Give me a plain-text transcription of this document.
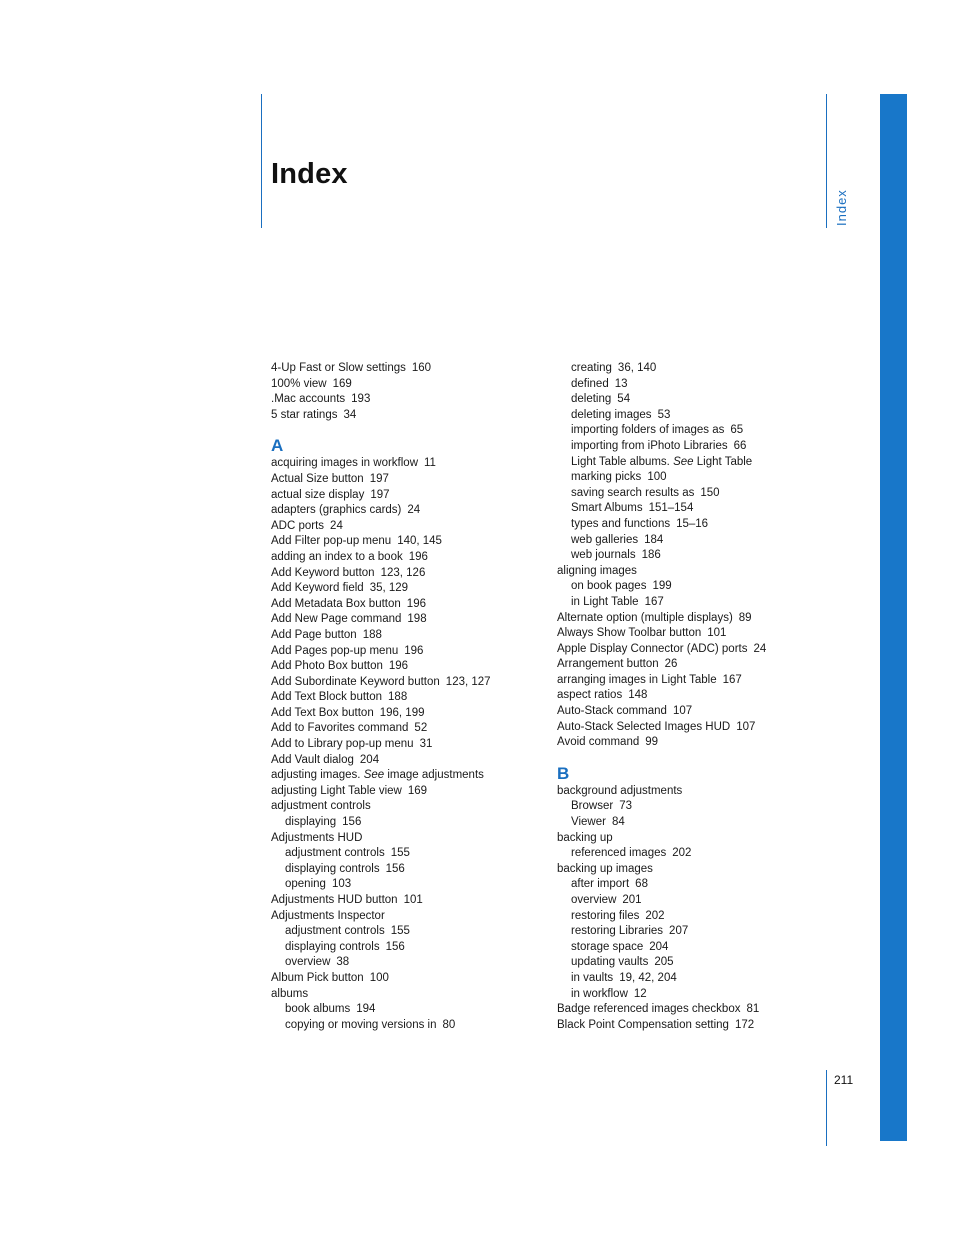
Index
Index
211
4-Up Fast or Slow settings 160
100% view 169
.Mac accounts 193
5 star ratings 34
A
acquiring images in workflow 11
Actual Size button 197
actual size display 197
adapters (graphics cards) 24
ADC ports 24
Add Filter pop-up menu 140, 145
adding an index to a book 196
Add Keyword button 123, 126
Add Keyword field 35, 129
Add Metadata Box button 196
Add New Page command 198
Add Page button 188
Add Pages pop-up menu 196
Add Photo Box button 196
Add Subordinate Keyword button 123, 127
Add Text Block button 188
Add Text Box button 196, 199
Add to Favorites command 52
Add to Library pop-up menu 31
Add Vault dialog 204
adjusting images. See image adjustments
adjusting Light Table view 169
adjustment controls
displaying 156
Adjustments HUD
adjustment controls 155
displaying controls 156
opening 103
Adjustments HUD button 101
Adjustments Inspector
adjustment controls 155
displaying controls 156
overview 38
Album Pick button 100
albums
book albums 194
copying or moving versions in 80
creating 36, 140
defined 13
deleting 54
deleting images 53
importing folders of images as 65
importing from iPhoto Libraries 66
Light Table albums. See Light Table
marking picks 100
saving search results as 150
Smart Albums 151–154
types and functions 15–16
web galleries 184
web journals 186
aligning images
on book pages 199
in Light Table 167
Alternate option (multiple displays) 89
Always Show Toolbar button 101
Apple Display Connector (ADC) ports 24
Arrangement button 26
arranging images in Light Table 167
aspect ratios 148
Auto-Stack command 107
Auto-Stack Selected Images HUD 107
Avoid command 99
B
background adjustments
Browser 73
Viewer 84
backing up
referenced images 202
backing up images
after import 68
overview 201
restoring files 202
restoring Libraries 207
storage space 204
updating vaults 205
in vaults 19, 42, 204
in workflow 12
Badge referenced images checkbox 81
Black Point Compensation setting 172
